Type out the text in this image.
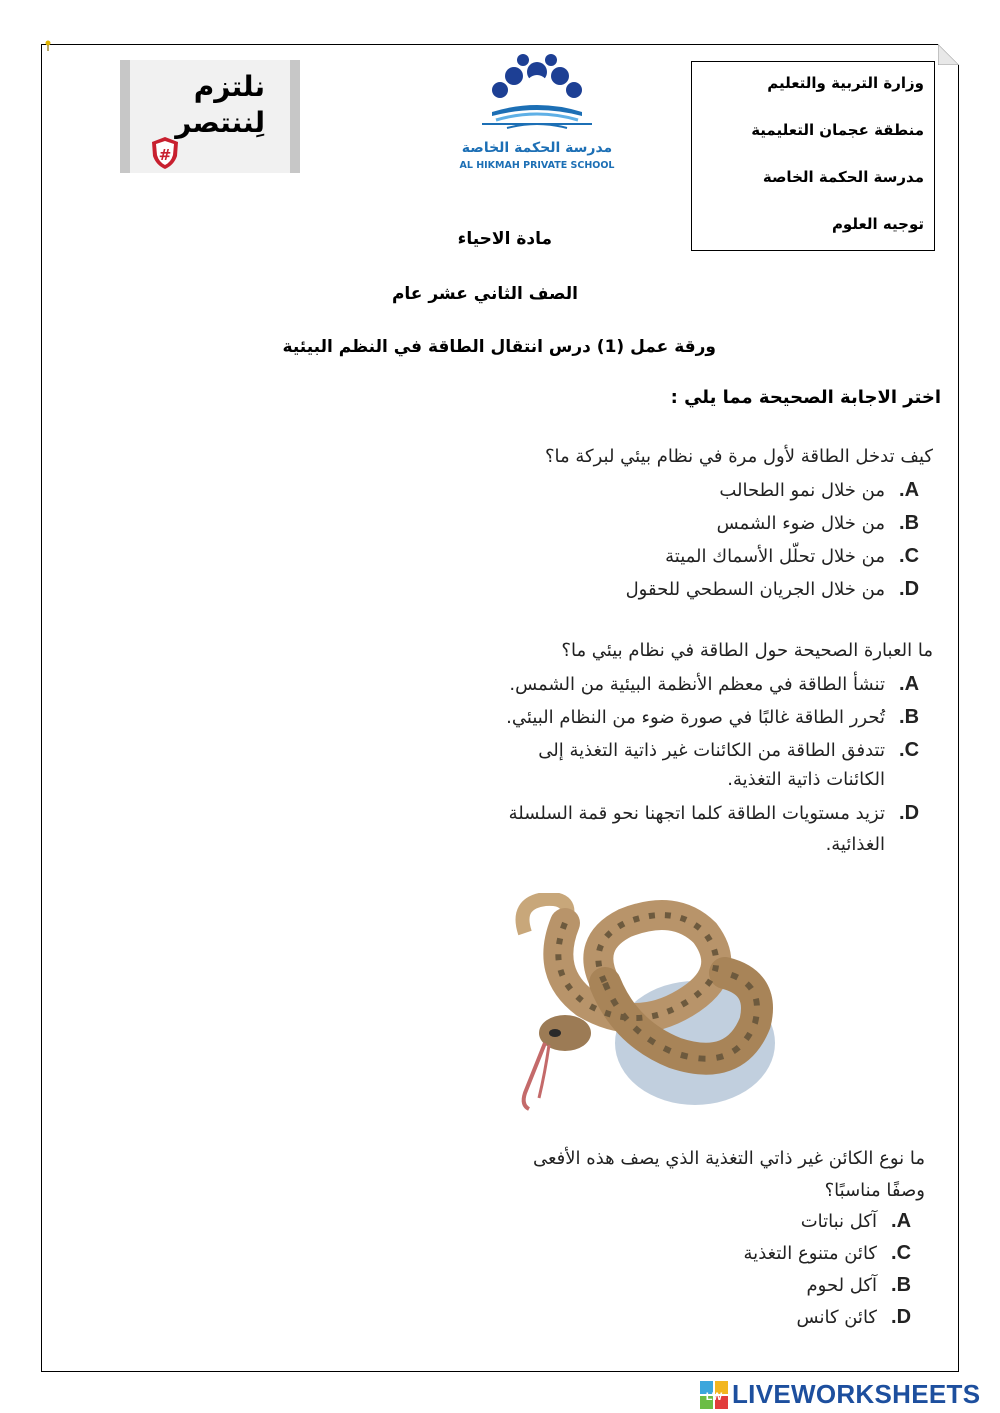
وزارة التربية والتعليم
منطقة عجمان التعليمية
مدرسة الحكمة الخاصة
توجيه العلوم
نلتزم
لِننتصر
#	مدرسة الحكمة الخاصة
AL HIKMAH PRIVATE SCHOOL
مادة الاحياء
الصف الثاني عشر عام
ورقة عمل (1) درس انتقال الطاقة في النظم البيئية
اختر الاجابة الصحيحة مما يلي :
كيف تدخل الطاقة لأول مرة في نظام بيئي لبركة ما؟
A.من خلال نمو الطحالب
B.من خلال ضوء الشمس
C.من خلال تحلّل الأسماك الميتة
D.من خلال الجريان السطحي للحقول
ما العبارة الصحيحة حول الطاقة في نظام بيئي ما؟
A.تنشأ الطاقة في معظم الأنظمة البيئية من الشمس.
B.تُحرر الطاقة غالبًا في صورة ضوء من النظام البيئي.
C.تتدفق الطاقة من الكائنات غير ذاتية التغذية إلى
الكائنات ذاتية التغذية.
D.تزيد مستويات الطاقة كلما اتجهنا نحو قمة السلسلة
الغذائية.
ما نوع الكائن غير ذاتي التغذية الذي يصف هذه الأفعى
وصفًا مناسبًا؟
A.آكل نباتات
C.كائن متنوع التغذية
B.آكل لحوم
D.كائن كانس
LW LIVEWORKSHEETS
